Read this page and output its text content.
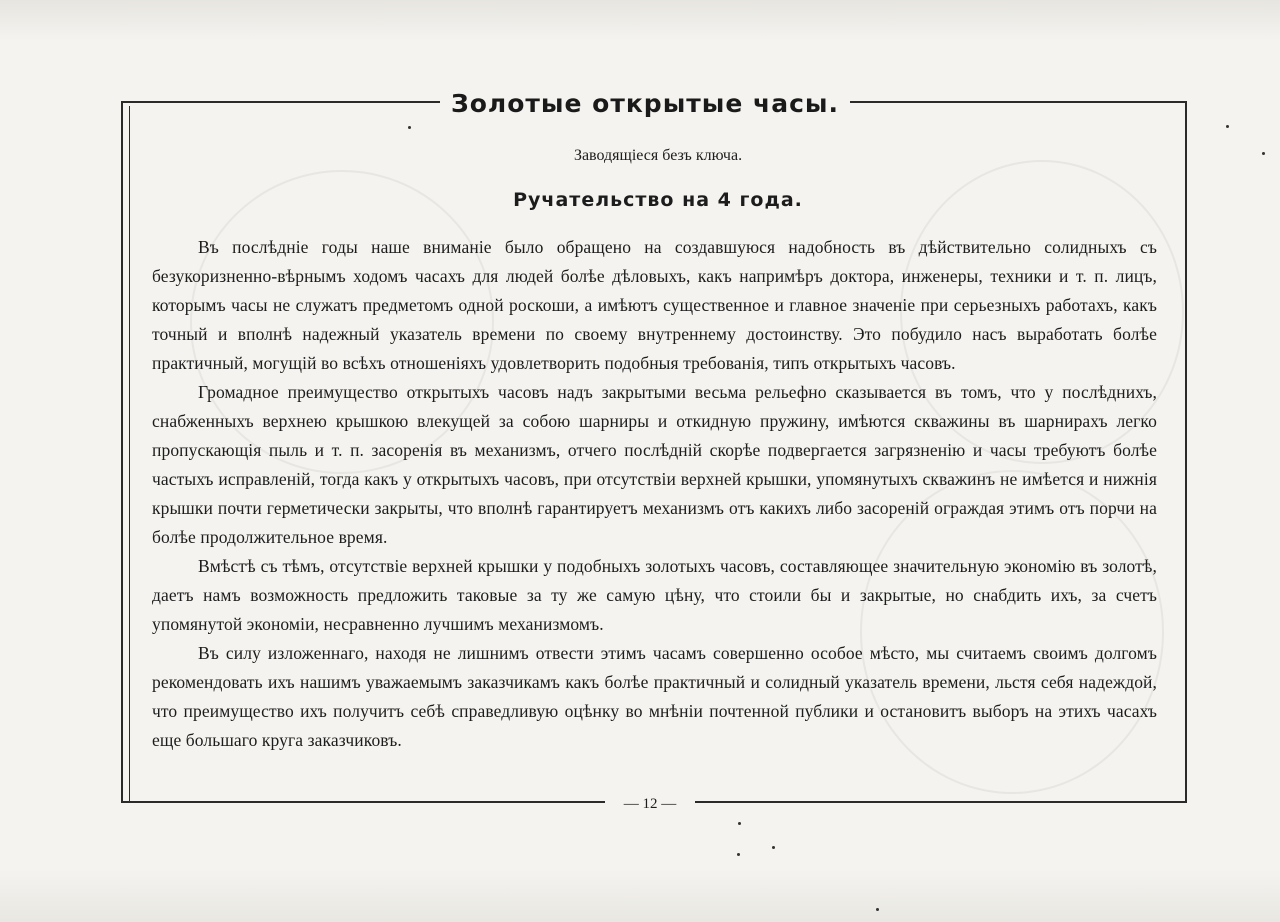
Золотые открытые часы.
Заводящіеся безъ ключа.
Ручательство на 4 года.

Въ послѣдніе годы наше вниманіе было обращено на создавшуюся надобность въ дѣйствительно солидныхъ съ безукоризненно-вѣрнымъ ходомъ часахъ для людей болѣе дѣловыхъ, какъ напримѣръ доктора, инженеры, техники и т. п. лицъ, которымъ часы не служатъ предметомъ одной роскоши, а имѣютъ существенное и главное значеніе при серьезныхъ работахъ, какъ точный и вполнѣ надежный указатель времени по своему внутреннему достоинству. Это побудило насъ выработать болѣе практичный, могущій во всѣхъ отношеніяхъ удовлетворить подобныя требованія, типъ открытыхъ часовъ.

Громадное преимущество открытыхъ часовъ надъ закрытыми весьма рельефно сказывается въ томъ, что у послѣднихъ, снабженныхъ верхнею крышкою влекущей за собою шарниры и откидную пружину, имѣются скважины въ шарнирахъ легко пропускающія пыль и т. п. засоренія въ механизмъ, отчего послѣдній скорѣе подвергается загрязненію и часы требуютъ болѣе частыхъ исправленій, тогда какъ у открытыхъ часовъ, при отсутствіи верхней крышки, упомянутыхъ скважинъ не имѣется и нижнія крышки почти герметически закрыты, что вполнѣ гарантируетъ механизмъ отъ какихъ либо засореній ограждая этимъ отъ порчи на болѣе продолжительное время.

Вмѣстѣ съ тѣмъ, отсутствіе верхней крышки у подобныхъ золотыхъ часовъ, составляющее значительную экономію въ золотѣ, даетъ намъ возможность предложить таковые за ту же самую цѣну, что стоили бы и закрытые, но снабдить ихъ, за счетъ упомянутой экономіи, несравненно лучшимъ механизмомъ.

Въ силу изложеннаго, находя не лишнимъ отвести этимъ часамъ совершенно особое мѣсто, мы считаемъ своимъ долгомъ рекомендовать ихъ нашимъ уважаемымъ заказчикамъ какъ болѣе практичный и солидный указатель времени, льстя себя надеждой, что преимущество ихъ получитъ себѣ справедливую оцѣнку во мнѣніи почтенной публики и остановитъ выборъ на этихъ часахъ еще большаго круга заказчиковъ.

— 12 —
